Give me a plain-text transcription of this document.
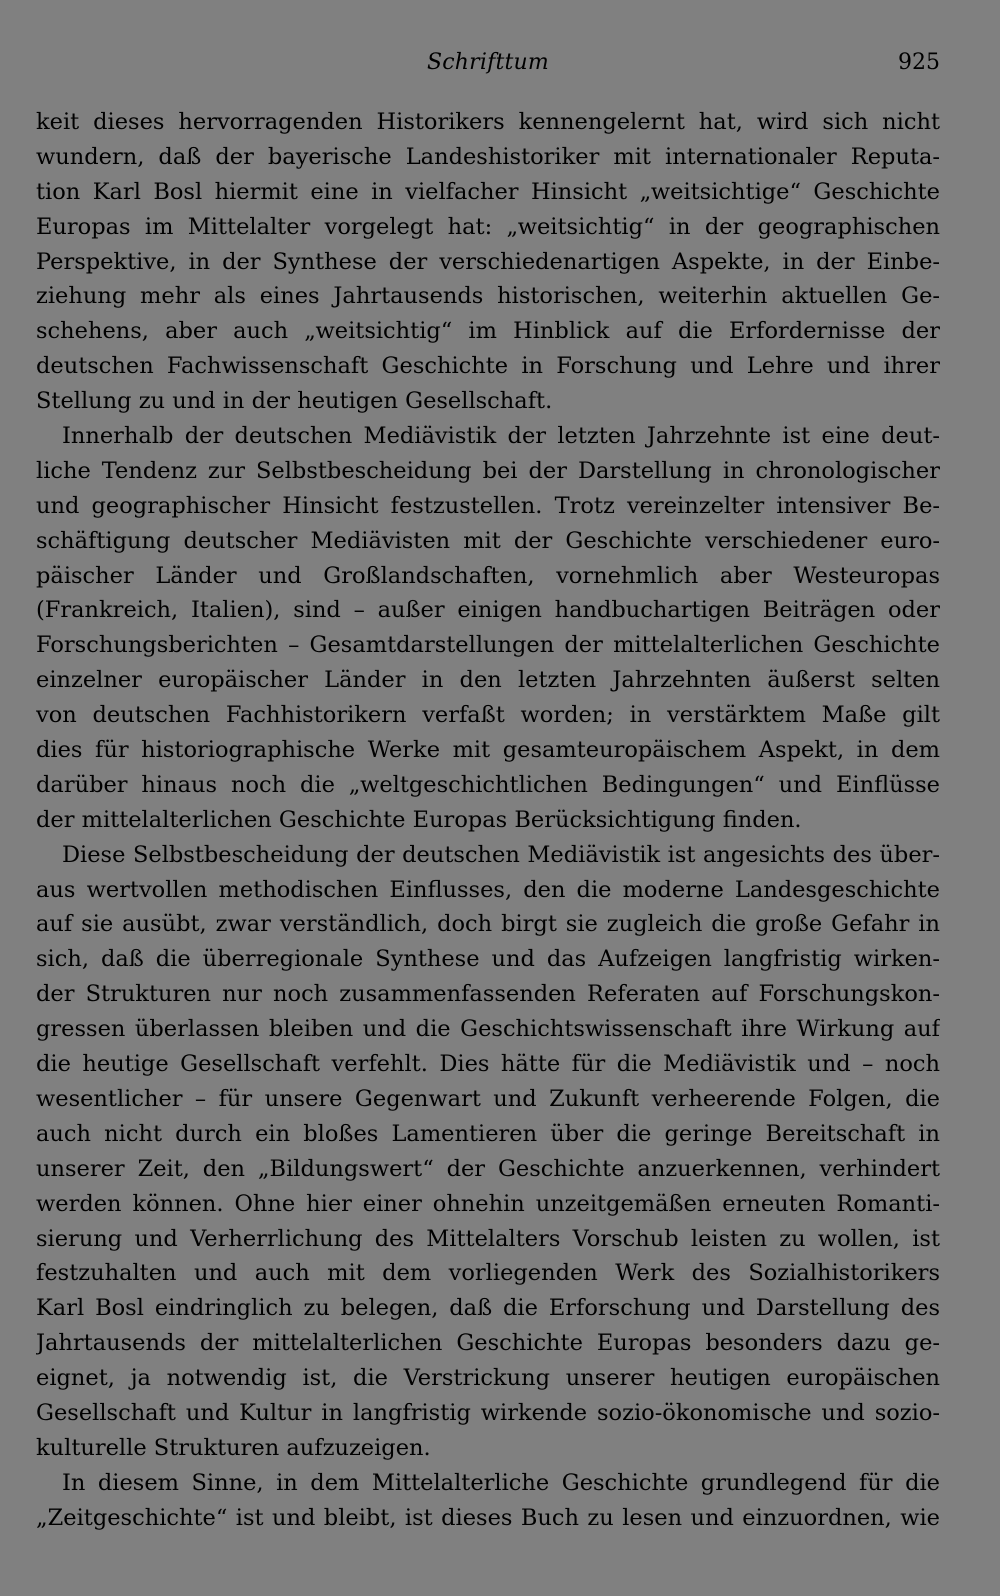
Schrifttum	925
keit dieses hervorragenden Historikers kennengelernt hat, wird sich nicht
wundern, daß der bayerische Landeshistoriker mit internationaler Reputa-
tion Karl Bosl hiermit eine in vielfacher Hinsicht „weitsichtige“ Geschichte
Europas im Mittelalter vorgelegt hat: „weitsichtig“ in der geographischen
Perspektive, in der Synthese der verschiedenartigen Aspekte, in der Einbe-
ziehung mehr als eines Jahrtausends historischen, weiterhin aktuellen Ge-
schehens, aber auch „weitsichtig“ im Hinblick auf die Erfordernisse der
deutschen Fachwissenschaft Geschichte in Forschung und Lehre und ihrer
Stellung zu und in der heutigen Gesellschaft.
Innerhalb der deutschen Mediävistik der letzten Jahrzehnte ist eine deut-
liche Tendenz zur Selbstbescheidung bei der Darstellung in chronologischer
und geographischer Hinsicht festzustellen. Trotz vereinzelter intensiver Be-
schäftigung deutscher Mediävisten mit der Geschichte verschiedener euro-
päischer Länder und Großlandschaften, vornehmlich aber Westeuropas
(Frankreich, Italien), sind – außer einigen handbuchartigen Beiträgen oder
Forschungsberichten – Gesamtdarstellungen der mittelalterlichen Geschichte
einzelner europäischer Länder in den letzten Jahrzehnten äußerst selten
von deutschen Fachhistorikern verfaßt worden; in verstärktem Maße gilt
dies für historiographische Werke mit gesamteuropäischem Aspekt, in dem
darüber hinaus noch die „weltgeschichtlichen Bedingungen“ und Einflüsse
der mittelalterlichen Geschichte Europas Berücksichtigung finden.
Diese Selbstbescheidung der deutschen Mediävistik ist angesichts des über-
aus wertvollen methodischen Einflusses, den die moderne Landesgeschichte
auf sie ausübt, zwar verständlich, doch birgt sie zugleich die große Gefahr in
sich, daß die überregionale Synthese und das Aufzeigen langfristig wirken-
der Strukturen nur noch zusammenfassenden Referaten auf Forschungskon-
gressen überlassen bleiben und die Geschichtswissenschaft ihre Wirkung auf
die heutige Gesellschaft verfehlt. Dies hätte für die Mediävistik und – noch
wesentlicher – für unsere Gegenwart und Zukunft verheerende Folgen, die
auch nicht durch ein bloßes Lamentieren über die geringe Bereitschaft in
unserer Zeit, den „Bildungswert“ der Geschichte anzuerkennen, verhindert
werden können. Ohne hier einer ohnehin unzeitgemäßen erneuten Romanti-
sierung und Verherrlichung des Mittelalters Vorschub leisten zu wollen, ist
festzuhalten und auch mit dem vorliegenden Werk des Sozialhistorikers
Karl Bosl eindringlich zu belegen, daß die Erforschung und Darstellung des
Jahrtausends der mittelalterlichen Geschichte Europas besonders dazu ge-
eignet, ja notwendig ist, die Verstrickung unserer heutigen europäischen
Gesellschaft und Kultur in langfristig wirkende sozio-ökonomische und sozio-
kulturelle Strukturen aufzuzeigen.
In diesem Sinne, in dem Mittelalterliche Geschichte grundlegend für die
„Zeitgeschichte“ ist und bleibt, ist dieses Buch zu lesen und einzuordnen, wie
